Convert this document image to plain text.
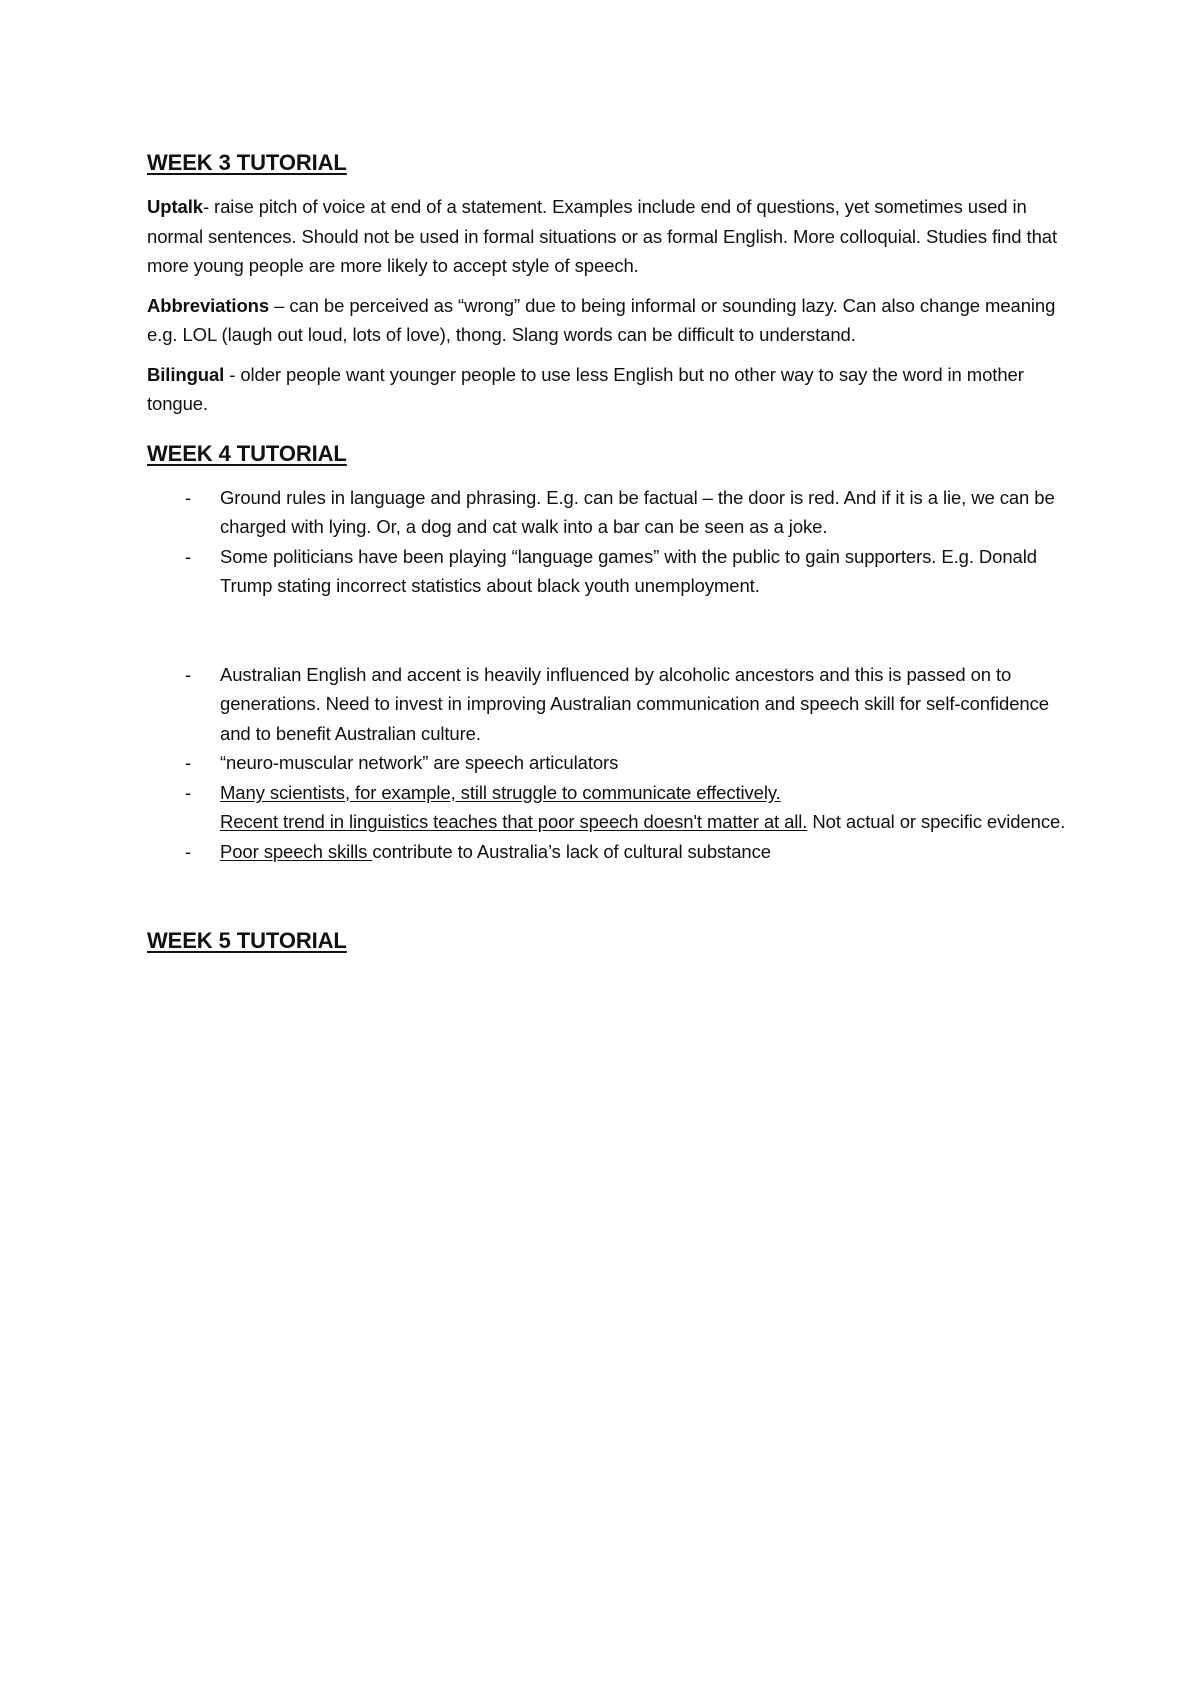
WEEK 3 TUTORIAL

Uptalk- raise pitch of voice at end of a statement. Examples include end of questions, yet sometimes used in normal sentences. Should not be used in formal situations or as formal English. More colloquial. Studies find that more young people are more likely to accept style of speech.

Abbreviations – can be perceived as “wrong” due to being informal or sounding lazy. Can also change meaning e.g. LOL (laugh out loud, lots of love), thong. Slang words can be difficult to understand.

Bilingual - older people want younger people to use less English but no other way to say the word in mother tongue.

WEEK 4 TUTORIAL
- Ground rules in language and phrasing. E.g. can be factual – the door is red. And if it is a lie, we can be charged with lying. Or, a dog and cat walk into a bar can be seen as a joke.
- Some politicians have been playing “language games” with the public to gain supporters. E.g. Donald Trump stating incorrect statistics about black youth unemployment.
- Australian English and accent is heavily influenced by alcoholic ancestors and this is passed on to generations. Need to invest in improving Australian communication and speech skill for self-confidence and to benefit Australian culture.
- “neuro-muscular network” are speech articulators
- Many scientists, for example, still struggle to communicate effectively.
Recent trend in linguistics teaches that poor speech doesn't matter at all. Not actual or specific evidence.
- Poor speech skills contribute to Australia’s lack of cultural substance
WEEK 5 TUTORIAL
